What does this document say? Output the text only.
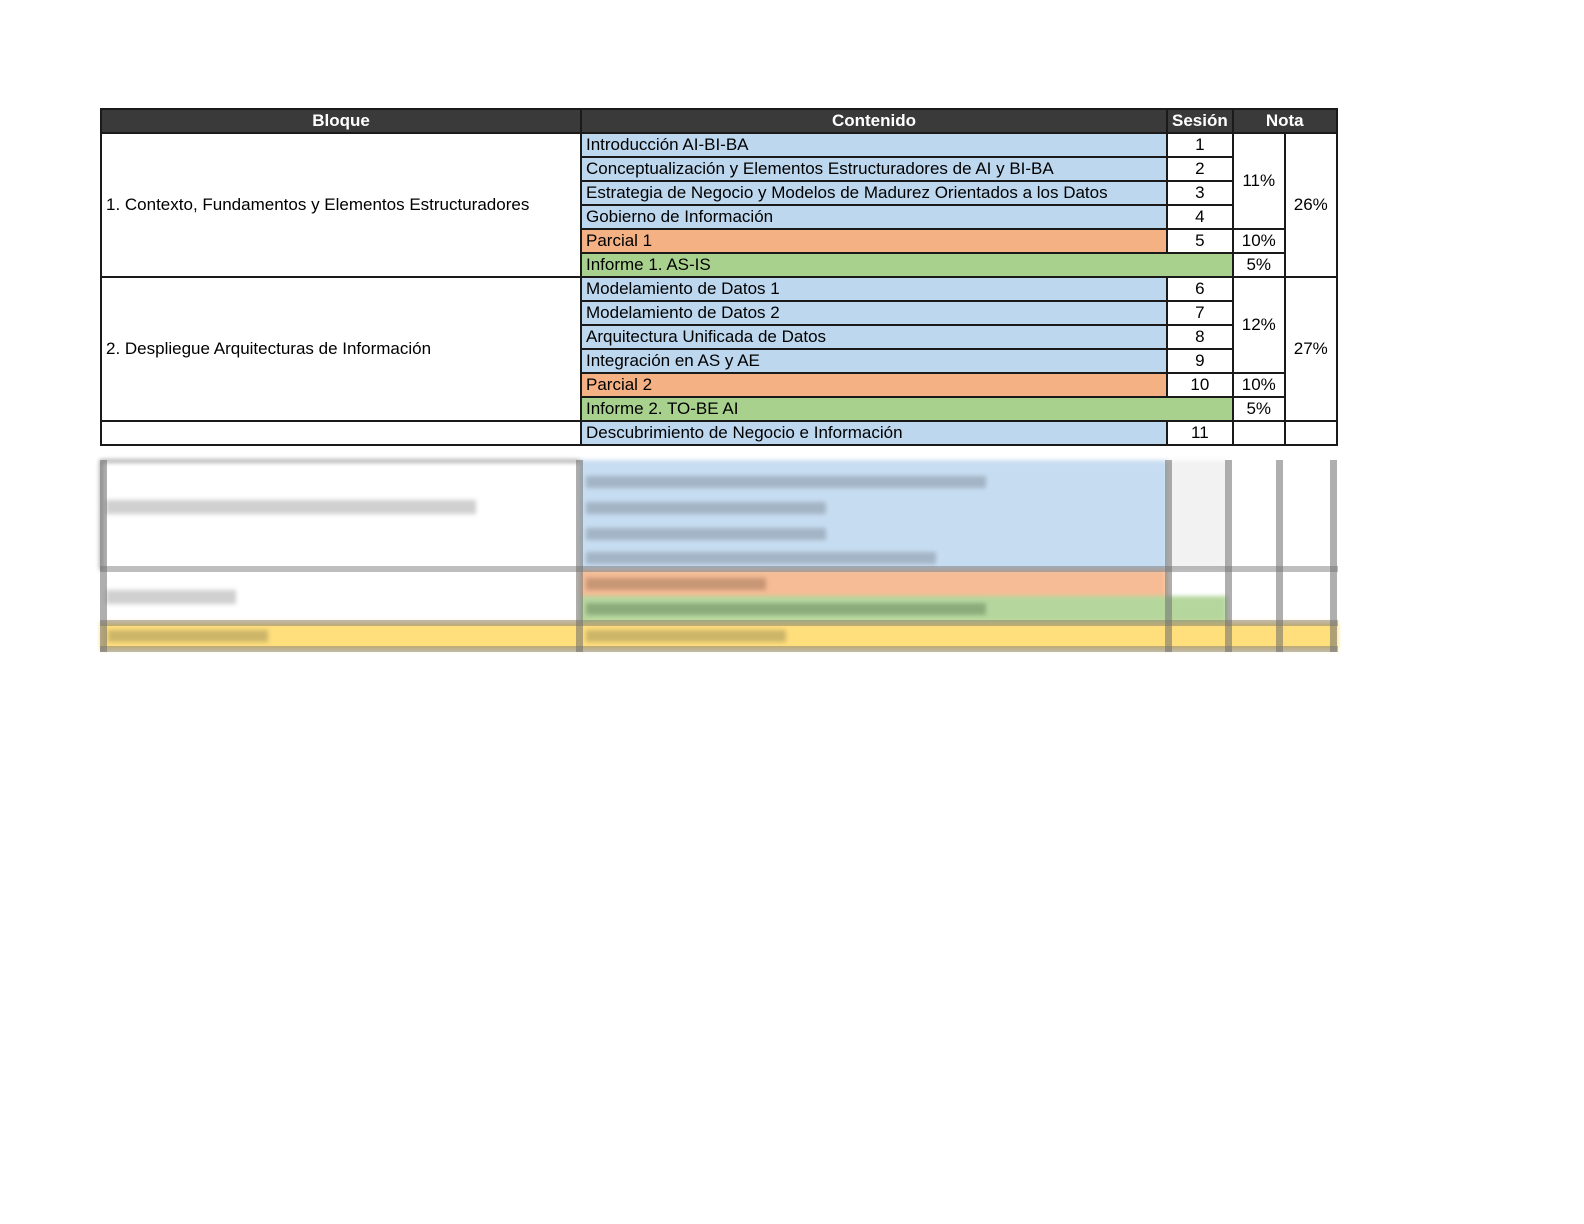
Bloque	Contenido	Sesión	Nota	
1. Contexto, Fundamentos y Elementos Estructuradores	Introducción AI-BI-BA	1	11%	26%
	Conceptualización y Elementos Estructuradores de AI y BI-BA	2		
	Estrategia de Negocio y Modelos de Madurez Orientados a los Datos	3		
	Gobierno de Información	4		
	Parcial 1	5	10%	
	Informe 1. AS-IS		5%	
2. Despliegue Arquitecturas de Información	Modelamiento de Datos 1	6	12%	27%
	Modelamiento de Datos 2	7		
	Arquitectura Unificada de Datos	8		
	Integración en AS y AE	9		
	Parcial 2	10	10%	
	Informe 2. TO-BE AI		5%	
	Descubrimiento de Negocio e Información	11		
